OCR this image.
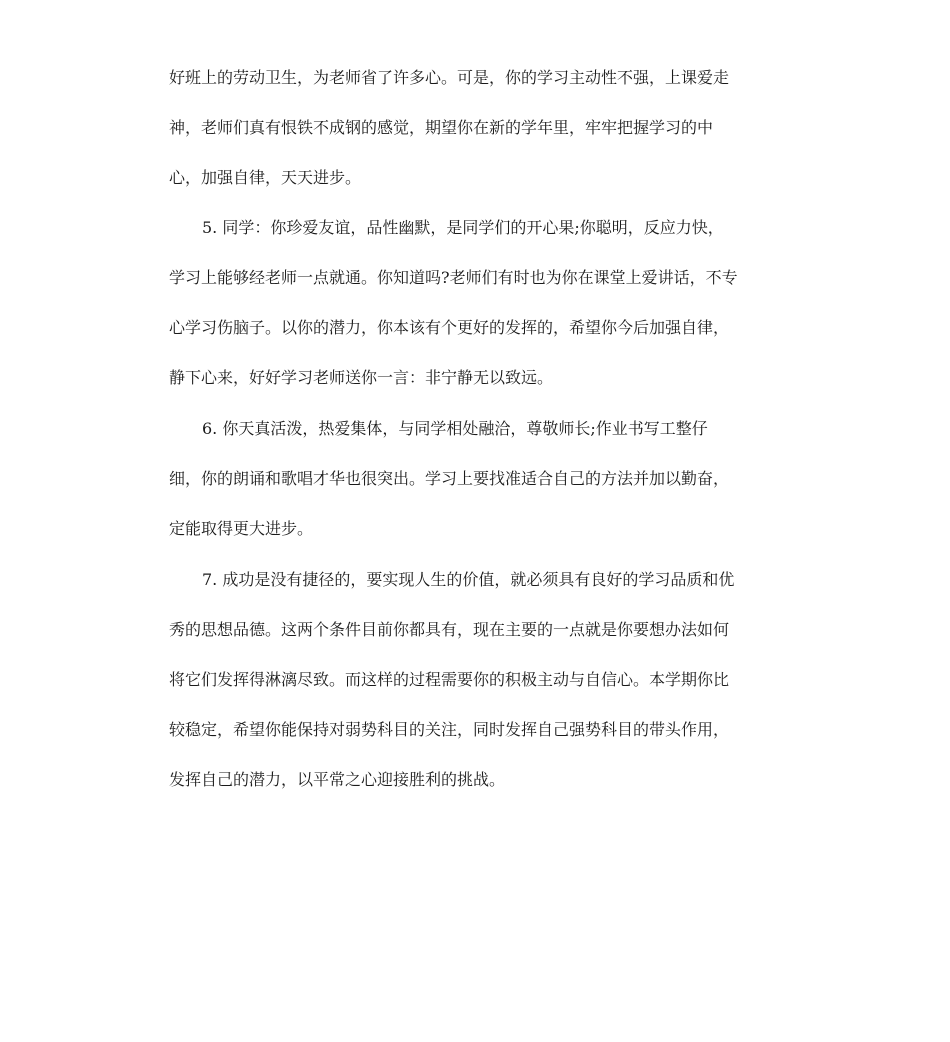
好班上的劳动卫生，为老师省了许多心。可是，你的学习主动性不强，上课爱走
神，老师们真有恨铁不成钢的感觉，期望你在新的学年里，牢牢把握学习的中
心，加强自律，天天进步。
5. 同学：你珍爱友谊，品性幽默，是同学们的开心果;你聪明，反应力快，
学习上能够经老师一点就通。你知道吗?老师们有时也为你在课堂上爱讲话，不专
心学习伤脑子。以你的潜力，你本该有个更好的发挥的，希望你今后加强自律，
静下心来，好好学习老师送你一言：非宁静无以致远。
6. 你天真活泼，热爱集体，与同学相处融洽，尊敬师长;作业书写工整仔
细，你的朗诵和歌唱才华也很突出。学习上要找准适合自己的方法并加以勤奋，
定能取得更大进步。
7. 成功是没有捷径的，要实现人生的价值，就必须具有良好的学习品质和优
秀的思想品德。这两个条件目前你都具有，现在主要的一点就是你要想办法如何
将它们发挥得淋漓尽致。而这样的过程需要你的积极主动与自信心。本学期你比
较稳定，希望你能保持对弱势科目的关注，同时发挥自己强势科目的带头作用，
发挥自己的潜力，以平常之心迎接胜利的挑战。
